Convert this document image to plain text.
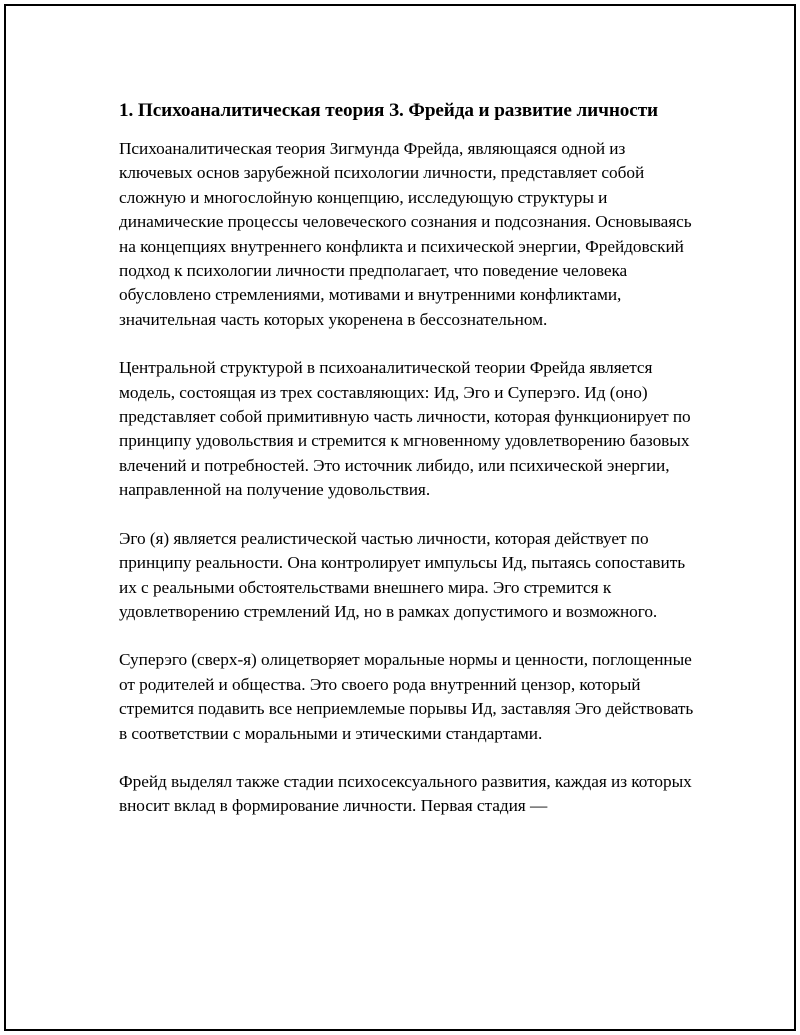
1. Психоаналитическая теория З. Фрейда и развитие личности

Психоаналитическая теория Зигмунда Фрейда, являющаяся одной из ключевых основ зарубежной психологии личности, представляет собой сложную и многослойную концепцию, исследующую структуры и динамические процессы человеческого сознания и подсознания. Основываясь на концепциях внутреннего конфликта и психической энергии, Фрейдовский подход к психологии личности предполагает, что поведение человека обусловлено стремлениями, мотивами и внутренними конфликтами, значительная часть которых укоренена в бессознательном.

Центральной структурой в психоаналитической теории Фрейда является модель, состоящая из трех составляющих: Ид, Эго и Суперэго. Ид (оно) представляет собой примитивную часть личности, которая функционирует по принципу удовольствия и стремится к мгновенному удовлетворению базовых влечений и потребностей. Это источник либидо, или психической энергии, направленной на получение удовольствия.

Эго (я) является реалистической частью личности, которая действует по принципу реальности. Она контролирует импульсы Ид, пытаясь сопоставить их с реальными обстоятельствами внешнего мира. Эго стремится к удовлетворению стремлений Ид, но в рамках допустимого и возможного.

Суперэго (сверх-я) олицетворяет моральные нормы и ценности, поглощенные от родителей и общества. Это своего рода внутренний цензор, который стремится подавить все неприемлемые порывы Ид, заставляя Эго действовать в соответствии с моральными и этическими стандартами.

Фрейд выделял также стадии психосексуального развития, каждая из которых вносит вклад в формирование личности. Первая стадия —
